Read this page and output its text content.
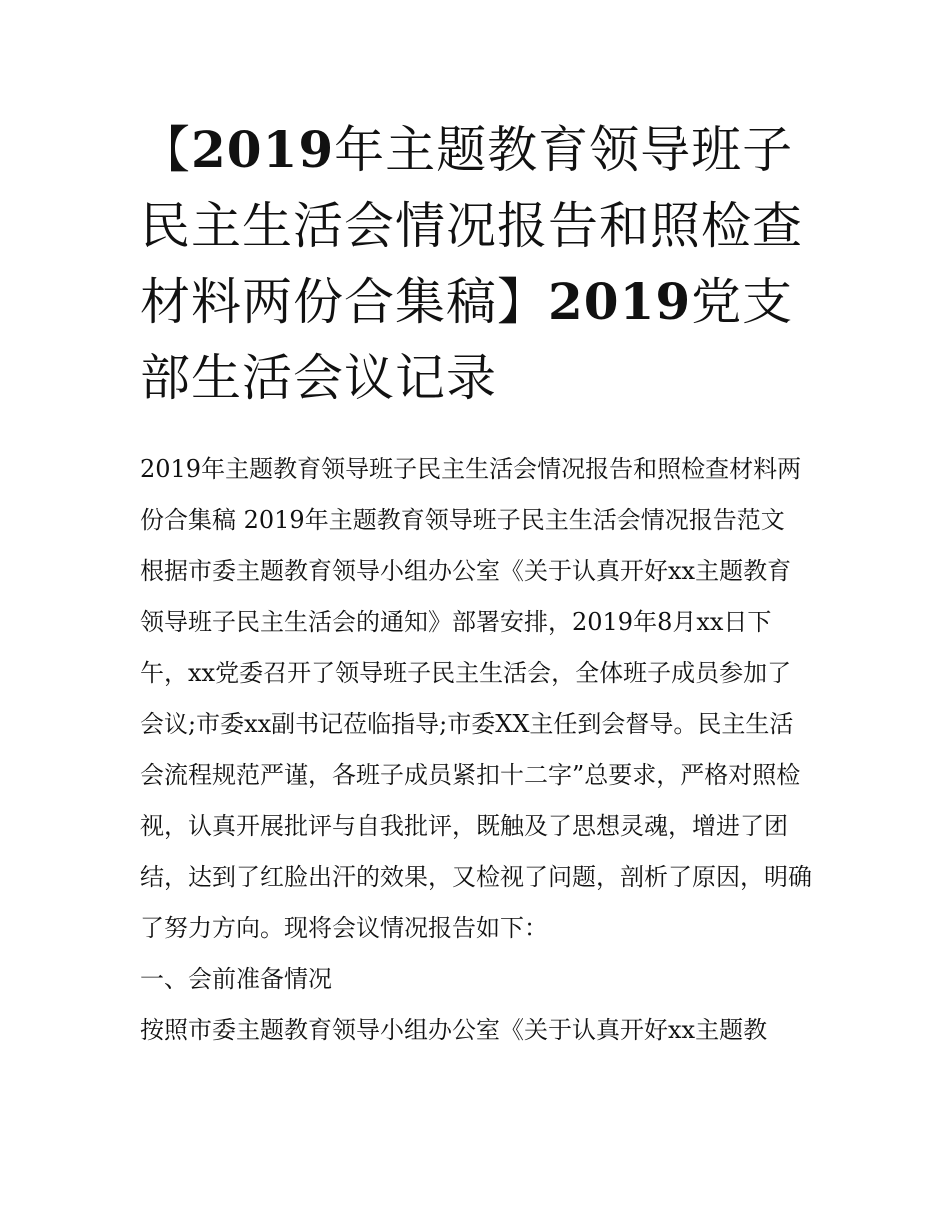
【2019年主题教育领导班子民主生活会情况报告和照检查材料两份合集稿】2019党支部生活会议记录

2019年主题教育领导班子民主生活会情况报告和照检查材料两份合集稿 2019年主题教育领导班子民主生活会情况报告范文

根据市委主题教育领导小组办公室《关于认真开好xx主题教育领导班子民主生活会的通知》部署安排，2019年8月xx日下午，xx党委召开了领导班子民主生活会，全体班子成员参加了会议;市委xx副书记莅临指导;市委XX主任到会督导。民主生活会流程规范严谨，各班子成员紧扣十二字”总要求，严格对照检视，认真开展批评与自我批评，既触及了思想灵魂，增进了团结，达到了红脸出汗的效果，又检视了问题，剖析了原因，明确了努力方向。现将会议情况报告如下：

一、会前准备情况

按照市委主题教育领导小组办公室《关于认真开好xx主题教
